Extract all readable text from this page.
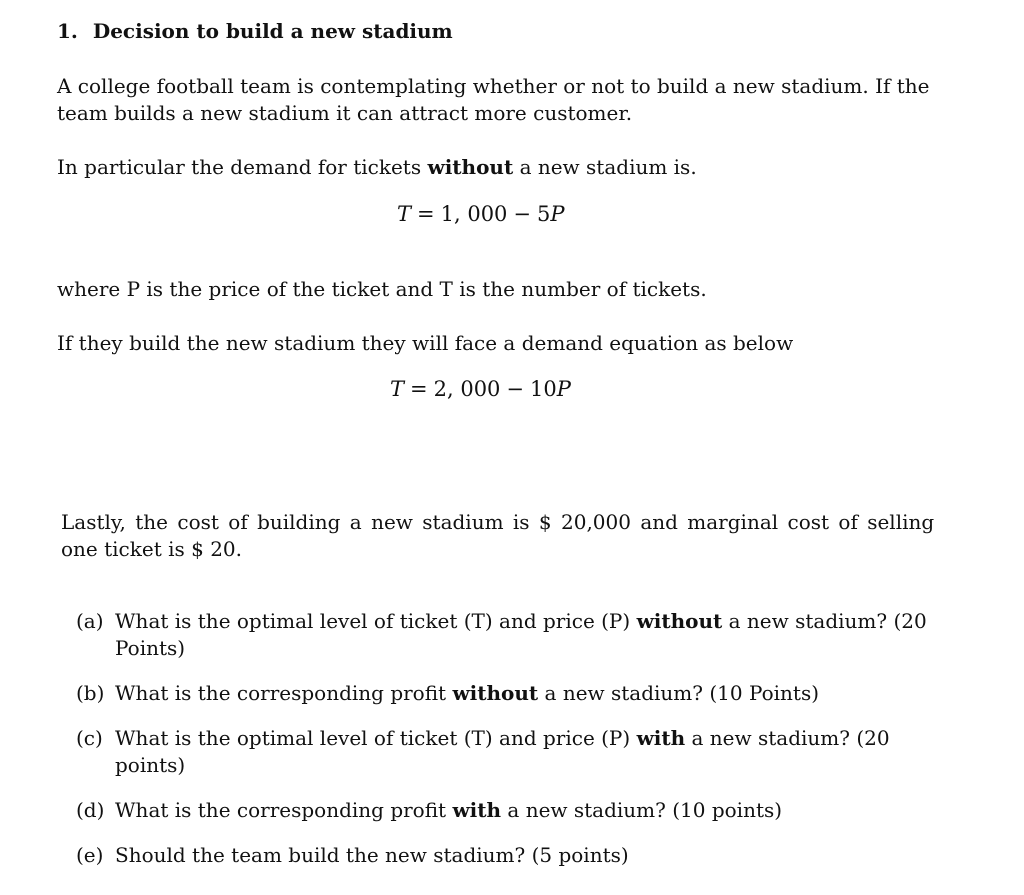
1. Decision to build a new stadium
A college football team is contemplating whether or not to build a new stadium. If the
team builds a new stadium it can attract more customer.
In particular the demand for tickets without a new stadium is.
T = 1, 000 − 5P
where P is the price of the ticket and T is the number of tickets.
If they build the new stadium they will face a demand equation as below
T = 2, 000 − 10P
Lastly, the cost of building a new stadium is $ 20,000 and marginal cost of selling
one ticket is $ 20.
(a) What is the optimal level of ticket (T) and price (P) without a new stadium? (20
Points)
(b) What is the corresponding profit without a new stadium? (10 Points)
(c) What is the optimal level of ticket (T) and price (P) with a new stadium? (20
points)
(d) What is the corresponding profit with a new stadium? (10 points)
(e) Should the team build the new stadium? (5 points)
